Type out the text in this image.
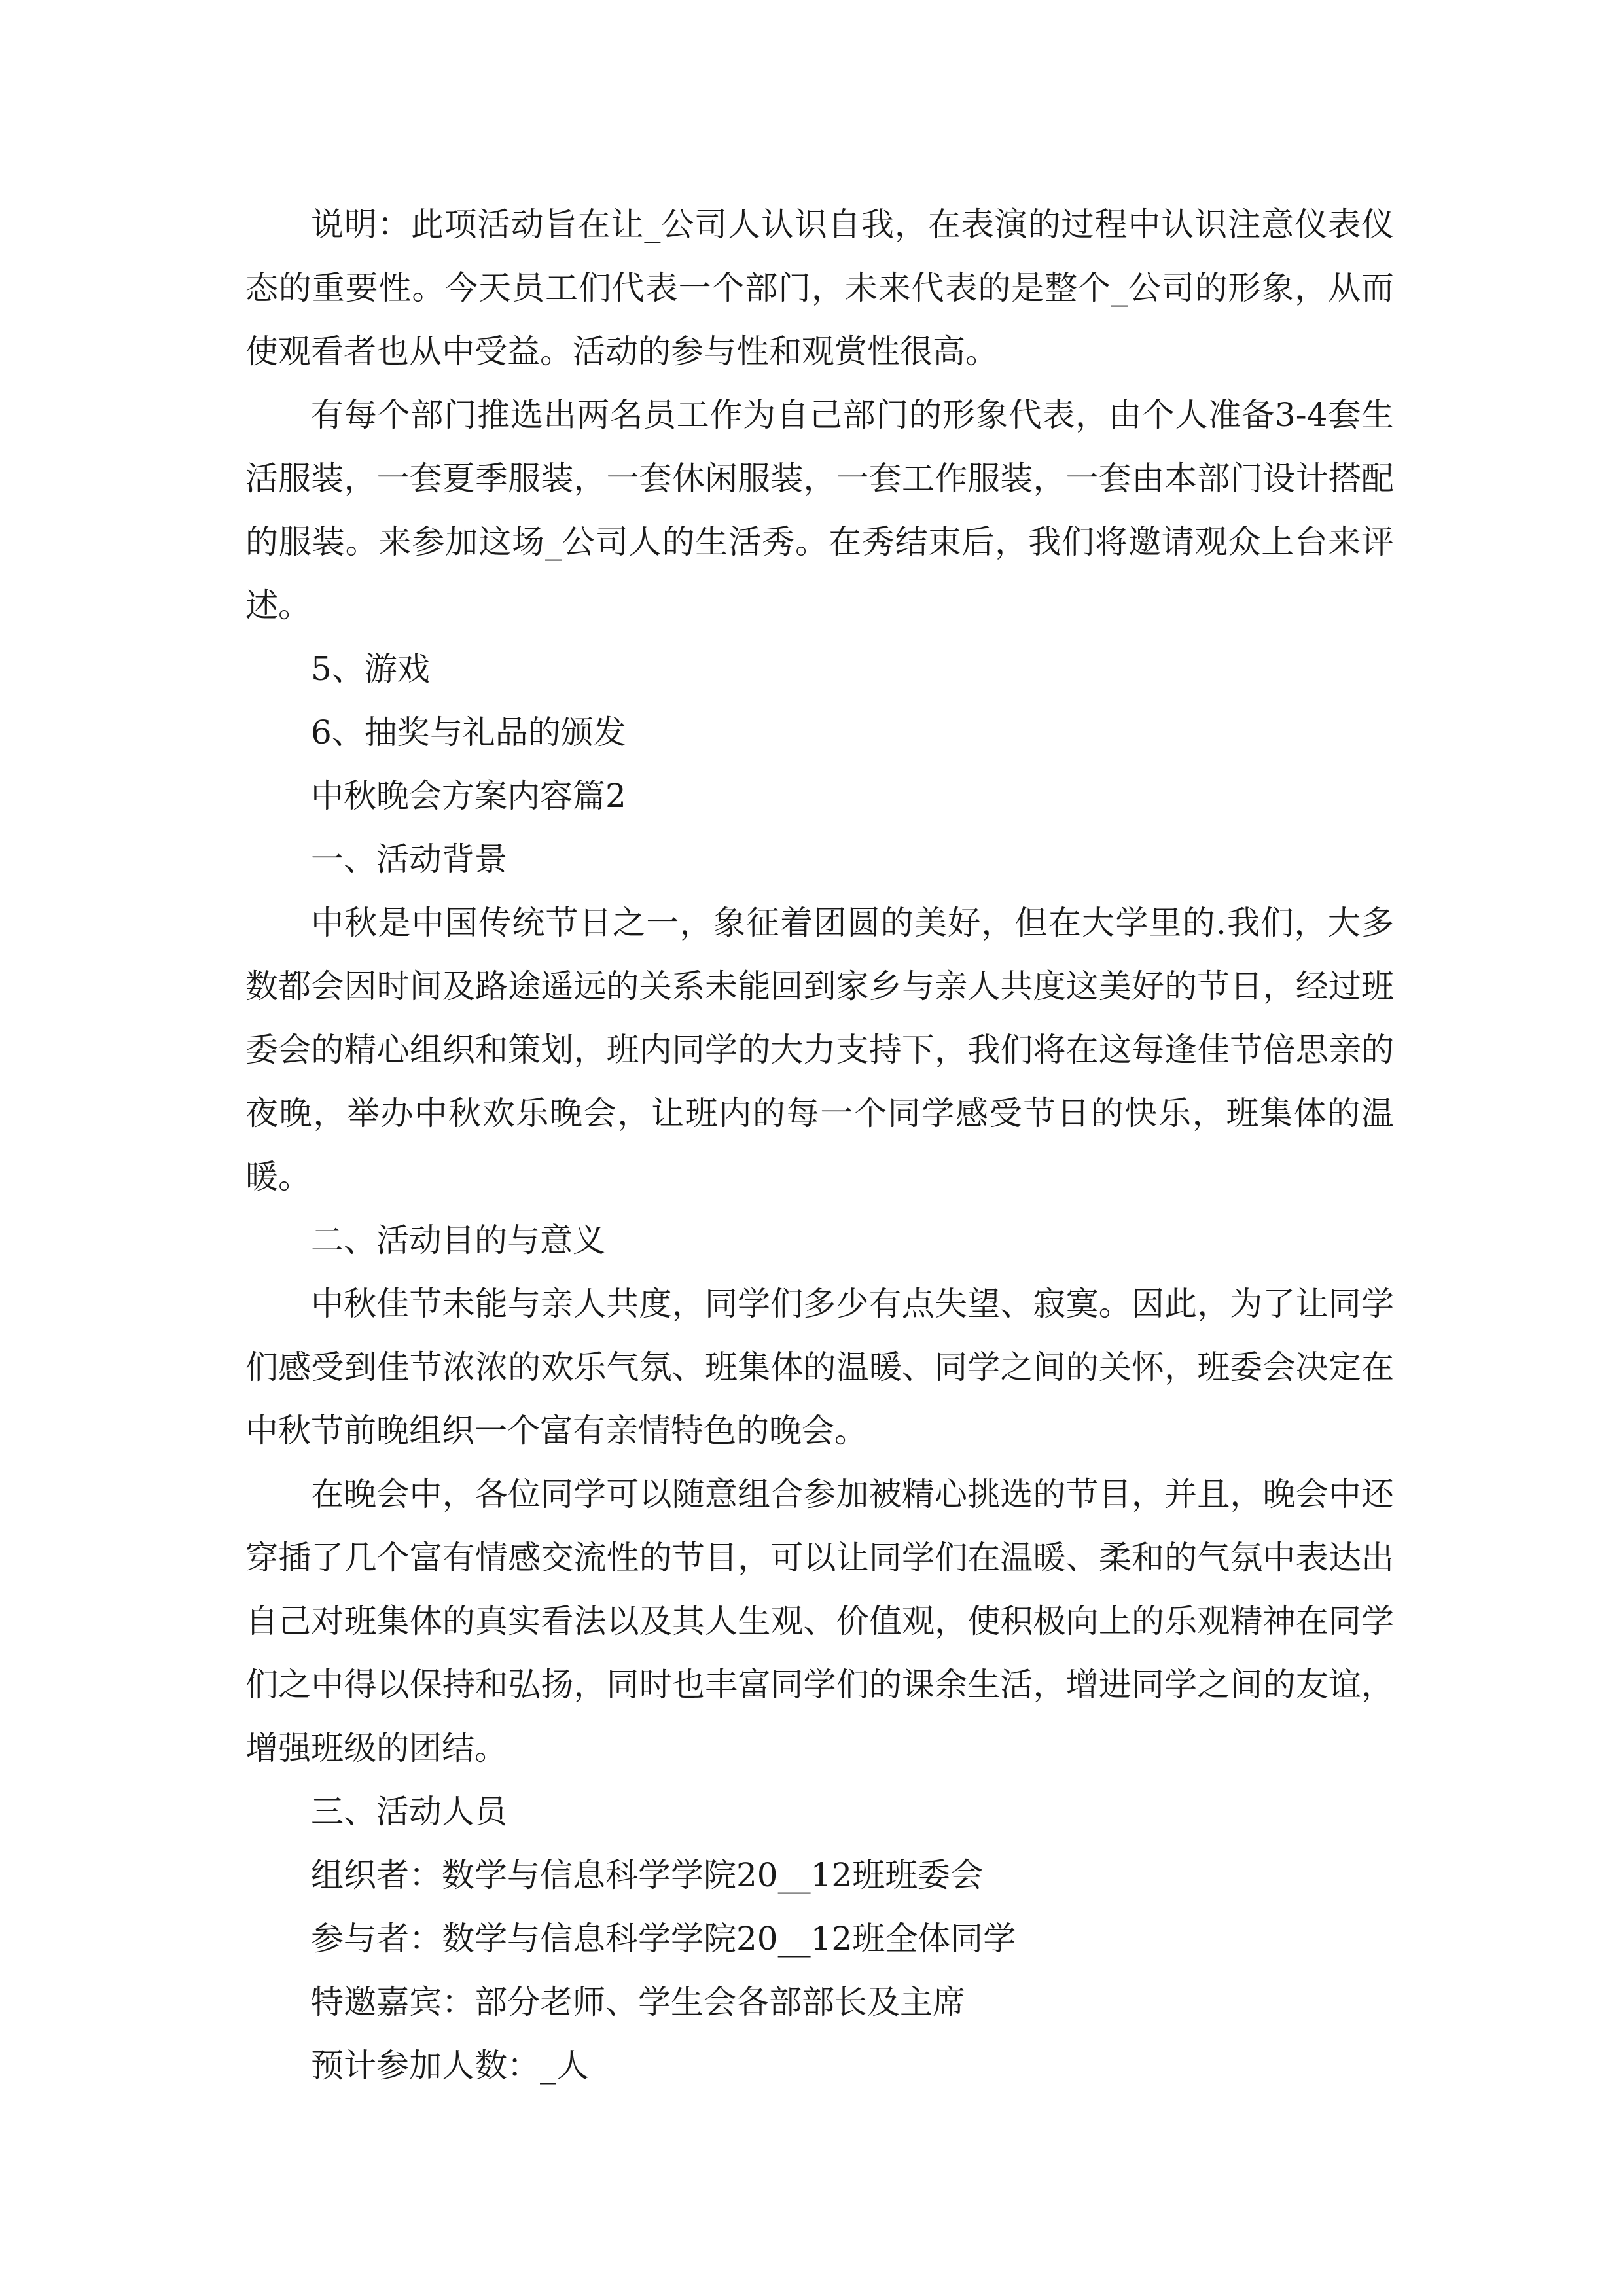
说明：此项活动旨在让_公司人认识自我，在表演的过程中认识注意仪表仪态的重要性。今天员工们代表一个部门，未来代表的是整个_公司的形象，从而使观看者也从中受益。活动的参与性和观赏性很高。

有每个部门推选出两名员工作为自己部门的形象代表，由个人准备3-4套生活服装，一套夏季服装，一套休闲服装，一套工作服装，一套由本部门设计搭配的服装。来参加这场_公司人的生活秀。在秀结束后，我们将邀请观众上台来评述。

5、游戏

6、抽奖与礼品的颁发

中秋晚会方案内容篇2

一、活动背景

中秋是中国传统节日之一，象征着团圆的美好，但在大学里的.我们，大多数都会因时间及路途遥远的关系未能回到家乡与亲人共度这美好的节日，经过班委会的精心组织和策划，班内同学的大力支持下，我们将在这每逢佳节倍思亲的夜晚，举办中秋欢乐晚会，让班内的每一个同学感受节日的快乐，班集体的温暖。

二、活动目的与意义

中秋佳节未能与亲人共度，同学们多少有点失望、寂寞。因此，为了让同学们感受到佳节浓浓的欢乐气氛、班集体的温暖、同学之间的关怀，班委会决定在中秋节前晚组织一个富有亲情特色的晚会。

在晚会中，各位同学可以随意组合参加被精心挑选的节目，并且，晚会中还穿插了几个富有情感交流性的节目，可以让同学们在温暖、柔和的气氛中表达出自己对班集体的真实看法以及其人生观、价值观，使积极向上的乐观精神在同学们之中得以保持和弘扬，同时也丰富同学们的课余生活，增进同学之间的友谊，增强班级的团结。

三、活动人员

组织者：数学与信息科学学院20__12班班委会

参与者：数学与信息科学学院20__12班全体同学

特邀嘉宾：部分老师、学生会各部部长及主席

预计参加人数：_人
